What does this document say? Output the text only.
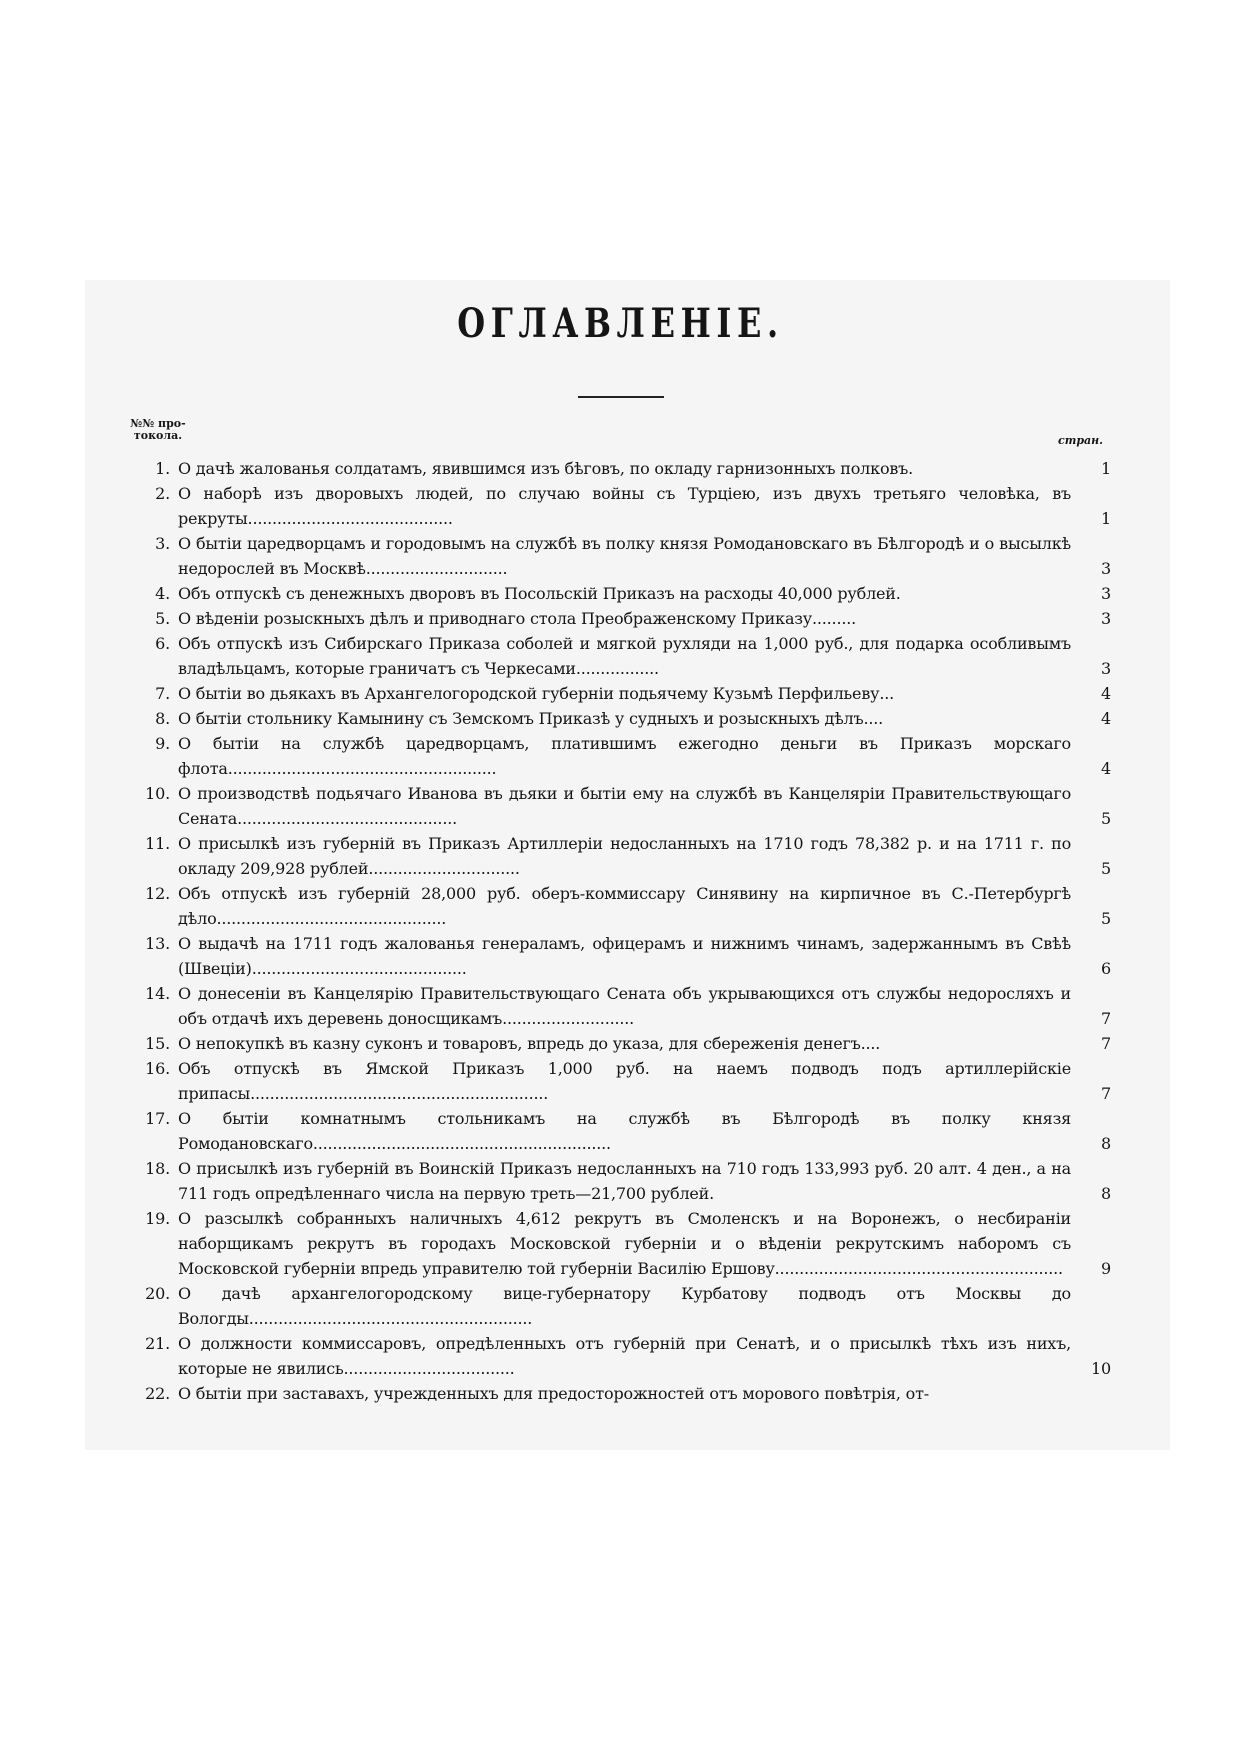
ОГЛАВЛЕНІЕ.
№№ про-
токола.	стран.
1. О дачѣ жалованья солдатамъ, явившимся изъ бѣговъ, по окладу гарнизонныхъ полковъ.	1
2. О наборѣ изъ дворовыхъ людей, по случаю войны съ Турціею, изъ двухъ третьяго человѣка, въ рекруты..........................................	1
3. О бытіи царедворцамъ и городовымъ на службѣ въ полку князя Ромодановскаго въ Бѣлгородѣ и о высылкѣ недорослей въ Москвѣ.............................	3
4. Объ отпускѣ съ денежныхъ дворовъ въ Посольскій Приказъ на расходы 40,000 рублей.	3
5. О вѣденіи розыскныхъ дѣлъ и приводнаго стола Преображенскому Приказу.........	3
6. Объ отпускѣ изъ Сибирскаго Приказа соболей и мягкой рухляди на 1,000 руб., для подарка особливымъ владѣльцамъ, которые граничатъ съ Черкесами.................	3
7. О бытіи во дьякахъ въ Архангелогородской губерніи подьячему Кузьмѣ Перфильеву...	4
8. О бытіи стольнику Камынину съ Земскомъ Приказѣ у судныхъ и розыскныхъ дѣлъ....	4
9. О бытіи на службѣ царедворцамъ, платившимъ ежегодно деньги въ Приказъ морскаго флота.......................................................	4
10. О производствѣ подьячаго Иванова въ дьяки и бытіи ему на службѣ въ Канцеляріи Правительствующаго Сената.............................................	5
11. О присылкѣ изъ губерній въ Приказъ Артиллеріи недосланныхъ на 1710 годъ 78,382 р. и на 1711 г. по окладу 209,928 рублей...............................	5
12. Объ отпускѣ изъ губерній 28,000 руб. оберъ-коммиссару Синявину на кирпичное въ С.-Петербургѣ дѣло...............................................	5
13. О выдачѣ на 1711 годъ жалованья генераламъ, офицерамъ и нижнимъ чинамъ, задержаннымъ въ Свѣѣ (Швеціи)............................................	6
14. О донесеніи въ Канцелярію Правительствующаго Сената объ укрывающихся отъ службы недоросляхъ и объ отдачѣ ихъ деревень доносщикамъ...........................	7
15. О непокупкѣ въ казну суконъ и товаровъ, впредь до указа, для сбереженія денегъ....	7
16. Объ отпускѣ въ Ямской Приказъ 1,000 руб. на наемъ подводъ подъ артиллерійскіе припасы.............................................................	7
17. О бытіи комнатнымъ стольникамъ на службѣ въ Бѣлгородѣ въ полку князя Ромодановскаго.............................................................	8
18. О присылкѣ изъ губерній въ Воинскій Приказъ недосланныхъ на 710 годъ 133,993 руб. 20 алт. 4 ден., а на 711 годъ опредѣленнаго числа на первую треть—21,700 рублей.	8
19. О разсылкѣ собранныхъ наличныхъ 4,612 рекрутъ въ Смоленскъ и на Воронежъ, о несбираніи наборщикамъ рекрутъ въ городахъ Московской губерніи и о вѣденіи рекрутскимъ наборомъ съ Московской губерніи впредь управителю той губерніи Василію Ершову...........................................................	9
20. О дачѣ архангелогородскому вице-губернатору Курбатову подводъ отъ Москвы до Вологды..........................................................
21. О должности коммиссаровъ, опредѣленныхъ отъ губерній при Сенатѣ, и о присылкѣ тѣхъ изъ нихъ, которые не явились...................................	10
22. О бытіи при заставахъ, учрежденныхъ для предосторожностей отъ морового повѣтрія, от-
